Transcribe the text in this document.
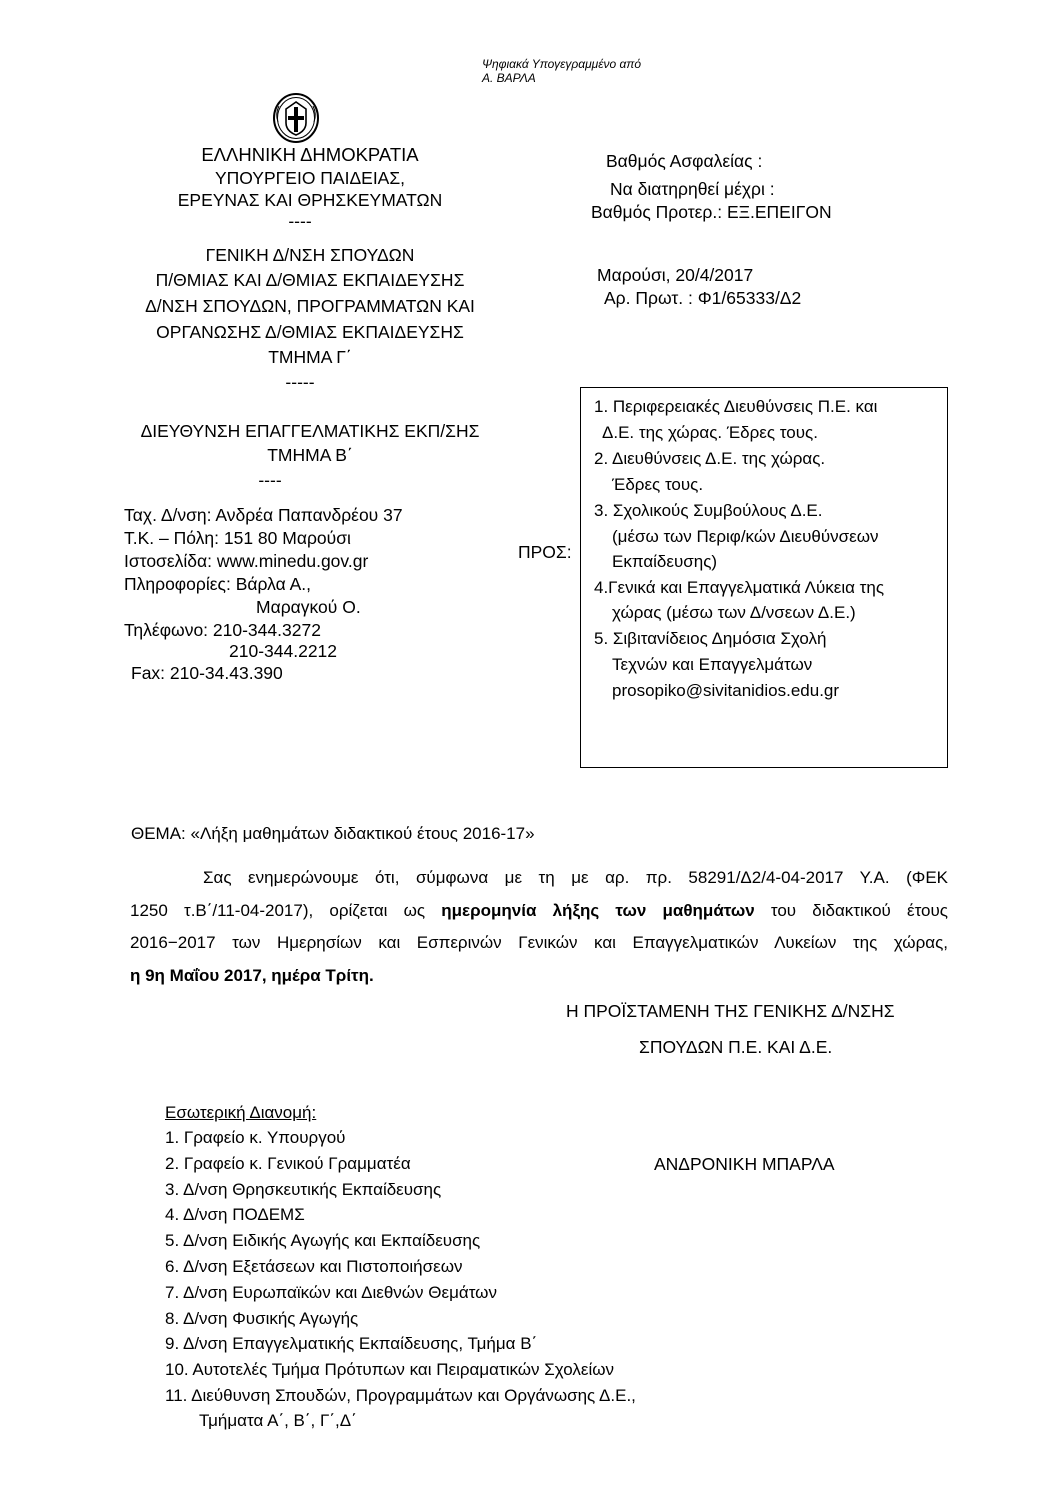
Ψηφιακά Υπογεγραμμένο από
Α. ΒΑΡΛΑ
ΕΛΛΗΝΙΚΗ ΔΗΜΟΚΡΑΤΙΑ
ΥΠΟΥΡΓΕΙΟ ΠΑΙΔΕΙΑΣ,
ΕΡΕΥΝΑΣ ΚΑΙ ΘΡΗΣΚΕΥΜΑΤΩΝ
----
ΓΕΝΙΚΗ Δ/ΝΣΗ ΣΠΟΥΔΩΝ
Π/ΘΜΙΑΣ ΚΑΙ Δ/ΘΜΙΑΣ ΕΚΠΑΙΔΕΥΣΗΣ
Δ/ΝΣΗ ΣΠΟΥΔΩΝ, ΠΡΟΓΡΑΜΜΑΤΩΝ ΚΑΙ
ΟΡΓΑΝΩΣΗΣ Δ/ΘΜΙΑΣ ΕΚΠΑΙΔΕΥΣΗΣ
ΤΜΗΜΑ Γ΄
-----
ΔΙΕΥΘΥΝΣΗ ΕΠΑΓΓΕΛΜΑΤΙΚΗΣ ΕΚΠ/ΣΗΣ
ΤΜΗΜΑ Β΄
----
Ταχ. Δ/νση: Ανδρέα Παπανδρέου 37
Τ.Κ. – Πόλη: 151 80 Μαρούσι
Ιστοσελίδα: www.minedu.gov.gr
Πληροφορίες: Βάρλα Α.,
Μαραγκού Ο.
Τηλέφωνο: 210-344.3272
210-344.2212
Fax: 210-34.43.390
Βαθμός Ασφαλείας :
Να διατηρηθεί μέχρι :
Βαθμός Προτερ.: ΕΞ.ΕΠΕΙΓΟΝ
Μαρούσι, 20/4/2017
Αρ. Πρωτ. : Φ1/65333/Δ2
ΠΡΟΣ:
1. Περιφερειακές Διευθύνσεις Π.Ε. και
Δ.Ε. της χώρας. Έδρες τους.
2. Διευθύνσεις Δ.Ε. της χώρας.
Έδρες τους.
3. Σχολικούς Συμβούλους Δ.Ε.
(μέσω των Περιφ/κών Διευθύνσεων
Εκπαίδευσης)
4.Γενικά και Επαγγελματικά Λύκεια της
χώρας (μέσω των Δ/νσεων Δ.Ε.)
5. Σιβιτανίδειος Δημόσια Σχολή
Τεχνών και Επαγγελμάτων
prosopiko@sivitanidios.edu.gr
ΘΕΜΑ: «Λήξη μαθημάτων διδακτικού έτους 2016-17»

Σας ενημερώνουμε ότι, σύμφωνα με τη με αρ. πρ. 58291/Δ2/4-04-2017 Υ.Α. (ΦΕΚ

1250 τ.Β΄/11-04-2017), ορίζεται ως ημερομηνία λήξης των μαθημάτων του διδακτικού έτους

2016−2017 των Ημερησίων και Εσπερινών Γενικών και Επαγγελματικών Λυκείων της χώρας,

η 9η Μαΐου 2017, ημέρα Τρίτη.

Η ΠΡΟΪΣΤΑΜΕΝΗ ΤΗΣ ΓΕΝΙΚΗΣ Δ/ΝΣΗΣ
ΣΠΟΥΔΩΝ Π.Ε. ΚΑΙ Δ.Ε.
ΑΝΔΡΟΝΙΚΗ ΜΠΑΡΛΑ
Εσωτερική Διανομή:
1. Γραφείο κ. Υπουργού
2. Γραφείο κ. Γενικού Γραμματέα
3. Δ/νση Θρησκευτικής Εκπαίδευσης
4. Δ/νση ΠΟΔΕΜΣ
5. Δ/νση Ειδικής Αγωγής και Εκπαίδευσης
6. Δ/νση Εξετάσεων και Πιστοποιήσεων
7. Δ/νση Ευρωπαϊκών και Διεθνών Θεμάτων
8. Δ/νση Φυσικής Αγωγής
9. Δ/νση Επαγγελματικής Εκπαίδευσης, Τμήμα Β΄
10. Αυτοτελές Τμήμα Πρότυπων και Πειραματικών Σχολείων
11. Διεύθυνση Σπουδών, Προγραμμάτων και Οργάνωσης Δ.Ε.,
Τμήματα Α΄, Β΄, Γ΄,Δ΄
